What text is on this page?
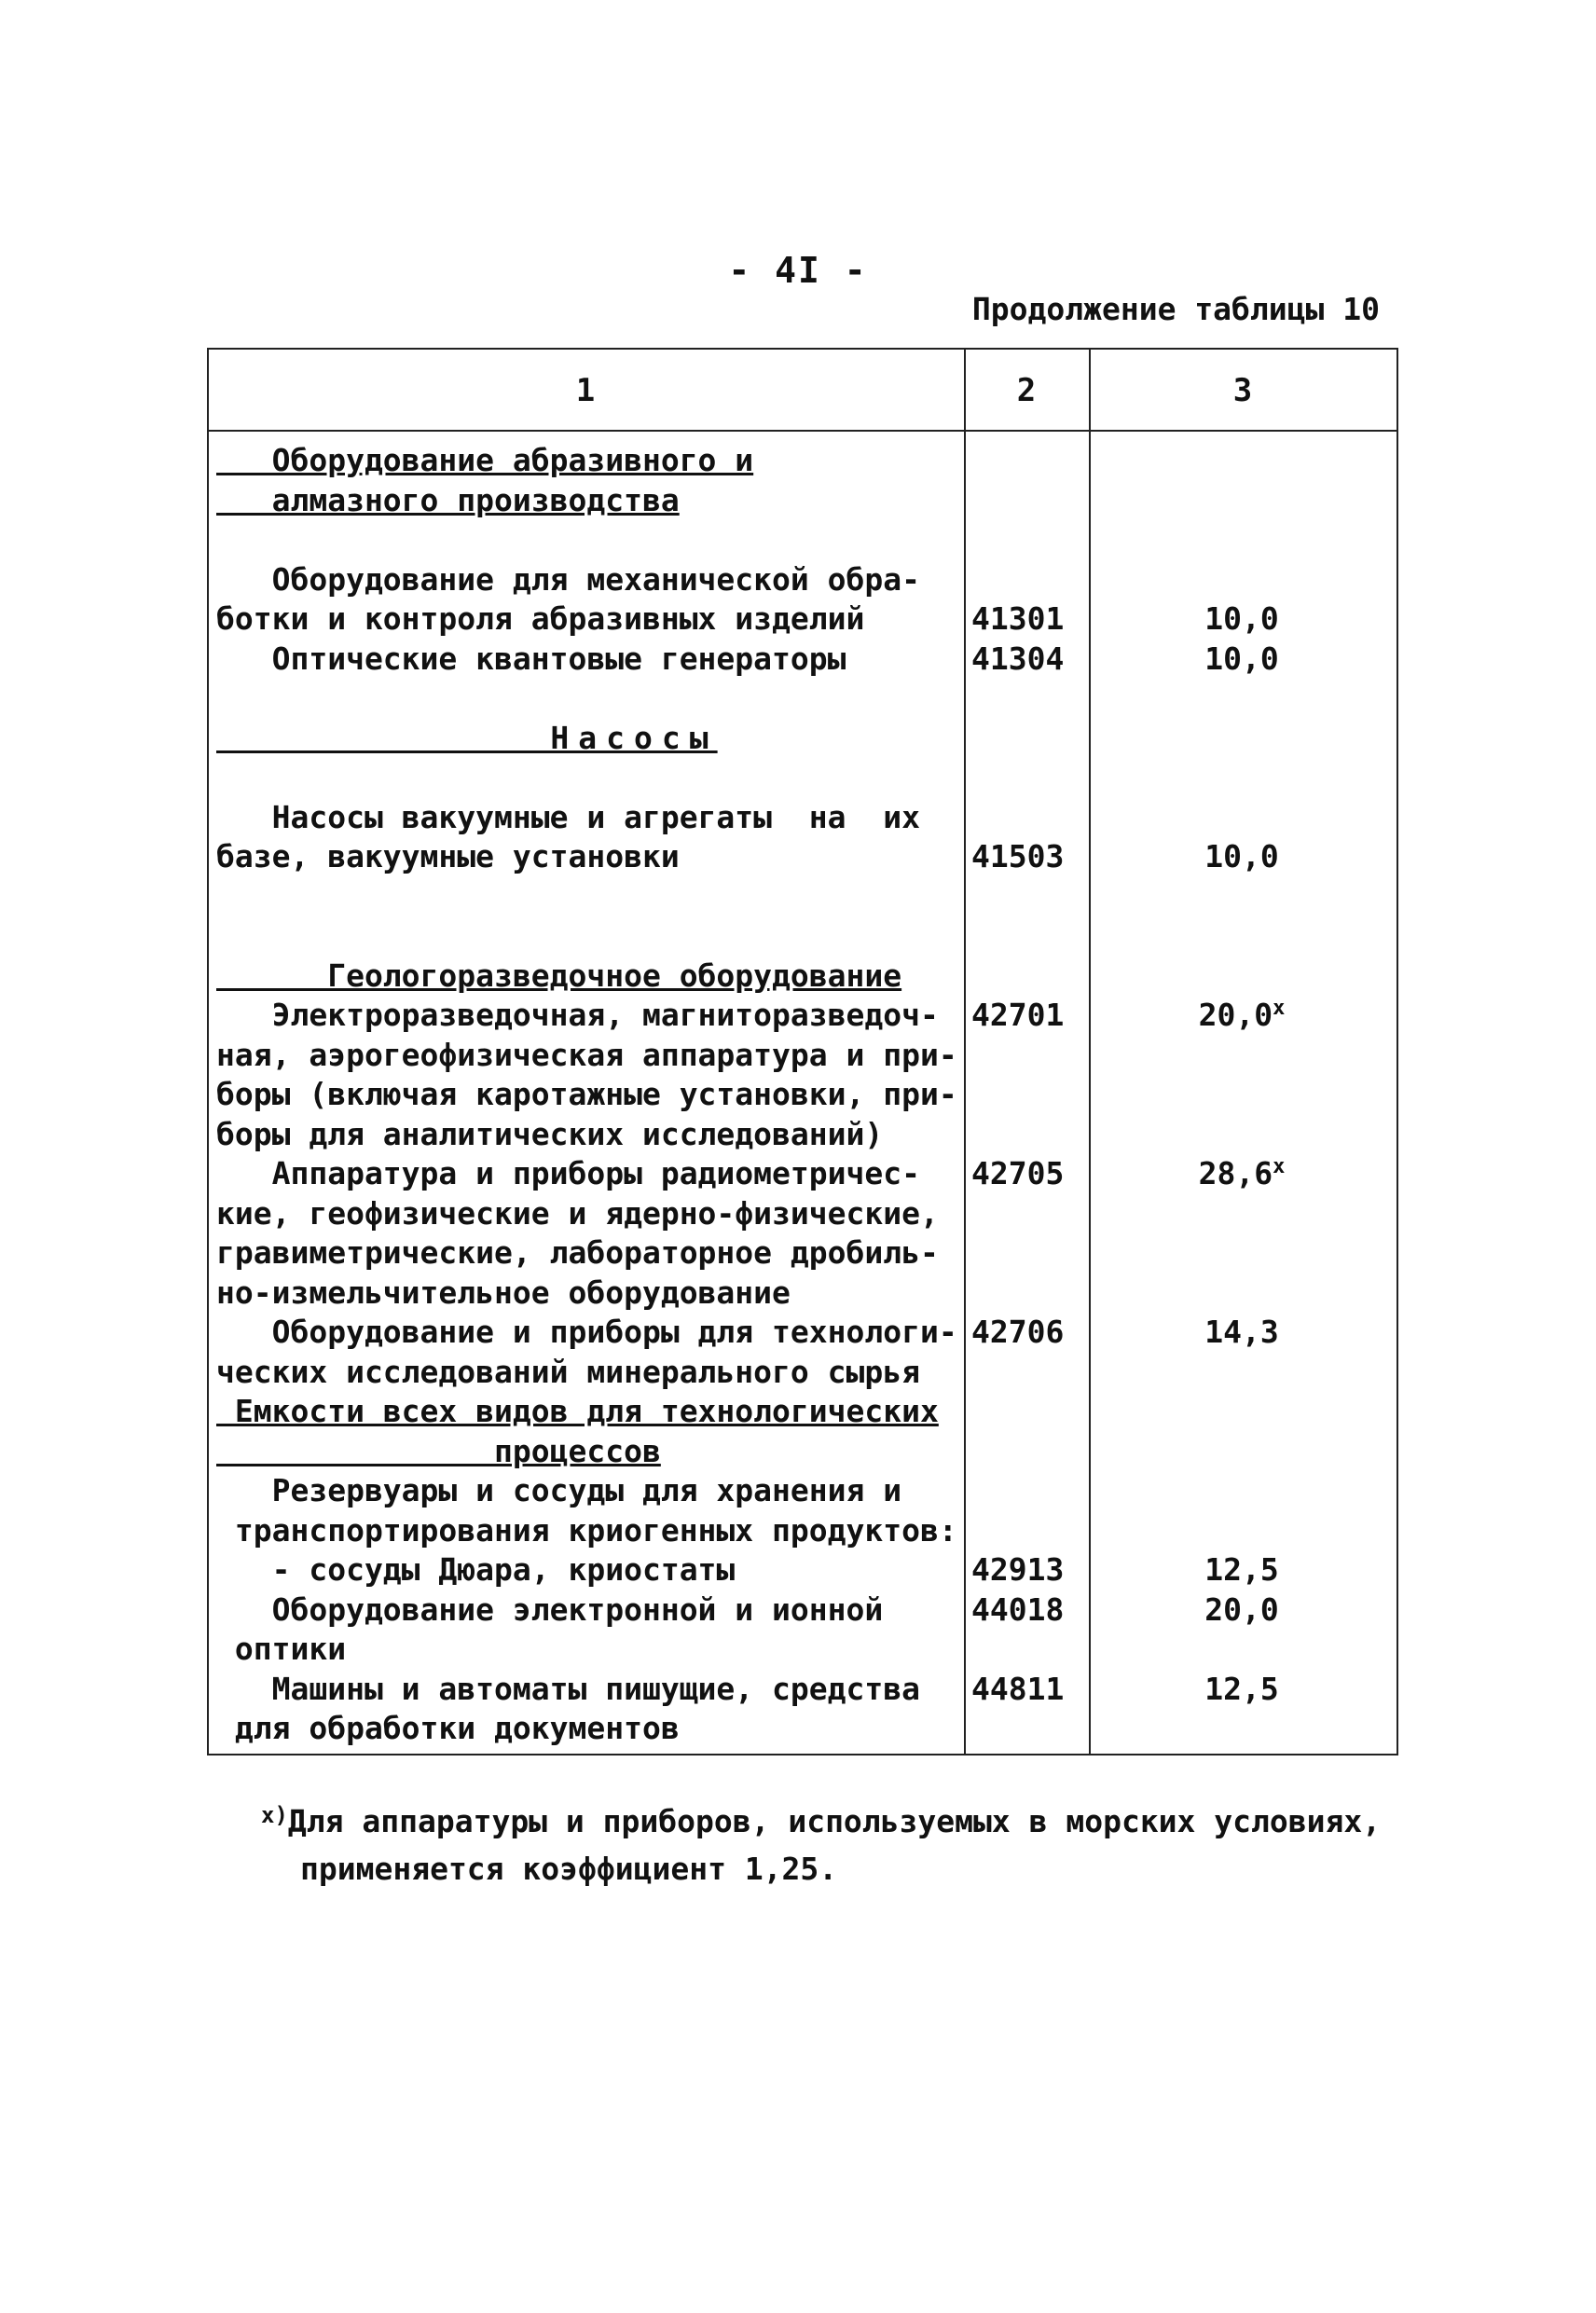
- 4I -
Продолжение таблицы 10
1	2	3
Оборудование абразивного и
алмазного производства
Оборудование для механической обра-
ботки и контроля абразивных изделий	41301	10,0
Оптические квантовые генераторы	41304	10,0
Насосы
Насосы вакуумные и агрегаты  на  их
базе, вакуумные установки	41503	10,0
Геологоразведочное оборудование
Электроразведочная, магниторазведоч-	42701	20,0$^x$
ная, аэрогеофизическая аппаратура и при-
боры (включая каротажные установки, при-
боры для аналитических исследований)
Аппаратура и приборы радиометричес-	42705	28,6$^x$
кие, геофизические и ядерно-физические,
гравиметрические, лабораторное дробиль-
но-измельчительное оборудование
Оборудование и приборы для технологи- 42706	14,3
ческих исследований минерального сырья
Емкости всех видов для технологических
процессов
Резервуары и сосуды для хранения и
транспортирования криогенных продуктов:
- сосуды Дюара, криостаты	42913	12,5
Оборудование электронной и ионной	44018	20,0
оптики
Машины и автоматы пишущие, средства	44811	12,5
для обработки документов
$^{x)}$Для аппаратуры и приборов, используемых в морских условиях,
применяется коэффициент 1,25.
